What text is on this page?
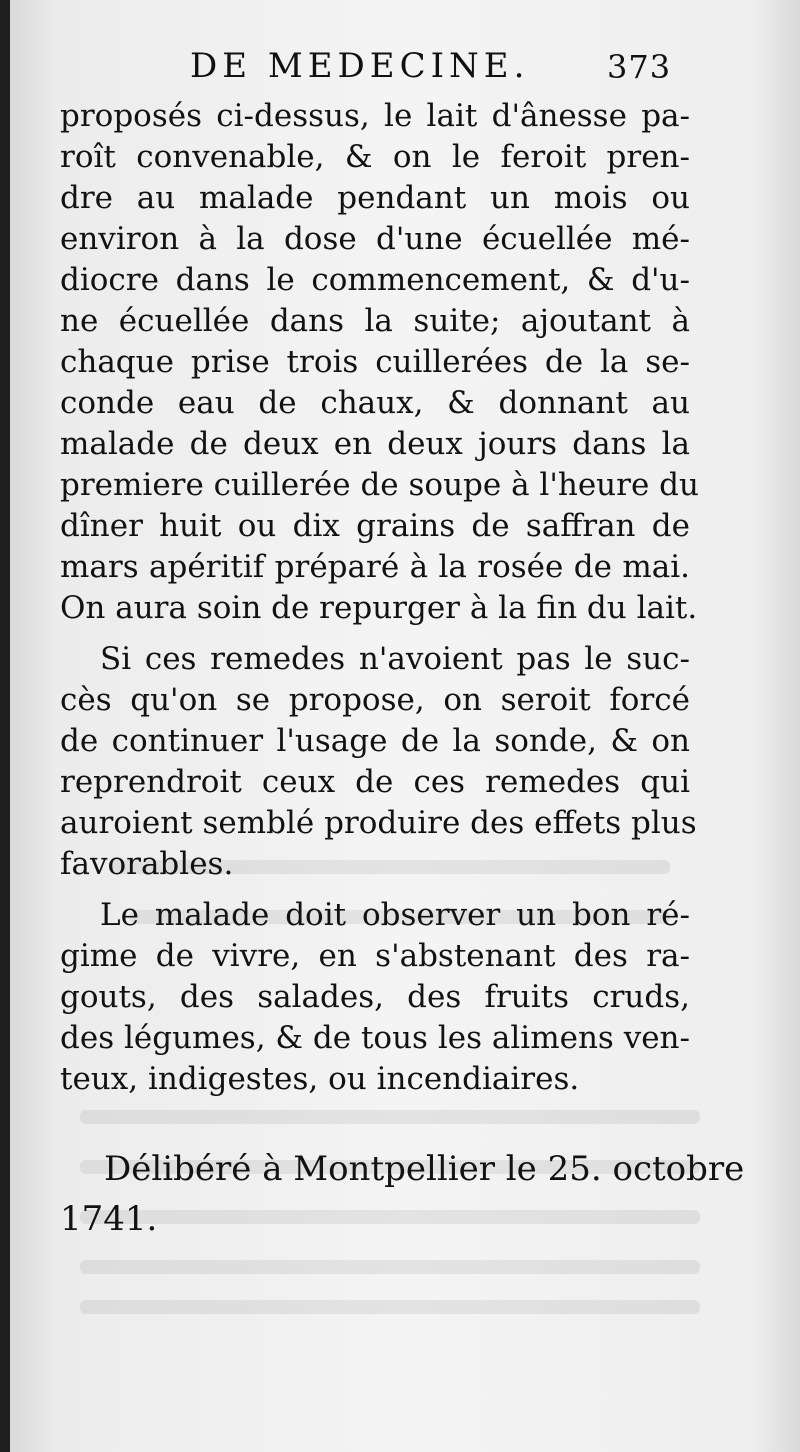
DE MEDECINE. 373
proposés ci-dessus, le lait d'ânesse pa-
roît convenable, & on le feroit pren-
dre au malade pendant un mois ou
environ à la dose d'une écuellée mé-
diocre dans le commencement, & d'u-
ne écuellée dans la suite; ajoutant à
chaque prise trois cuillerées de la se-
conde eau de chaux, & donnant au
malade de deux en deux jours dans la
premiere cuillerée de soupe à l'heure du
dîner huit ou dix grains de saffran de
mars apéritif préparé à la rosée de mai.
On aura soin de repurger à la fin du lait.
Si ces remedes n'avoient pas le suc-
cès qu'on se propose, on seroit forcé
de continuer l'usage de la sonde, & on
reprendroit ceux de ces remedes qui
auroient semblé produire des effets plus
favorables.
Le malade doit observer un bon ré-
gime de vivre, en s'abstenant des ra-
gouts, des salades, des fruits cruds,
des légumes, & de tous les alimens ven-
teux, indigestes, ou incendiaires.
Délibéré à Montpellier le 25. octobre
1741.
